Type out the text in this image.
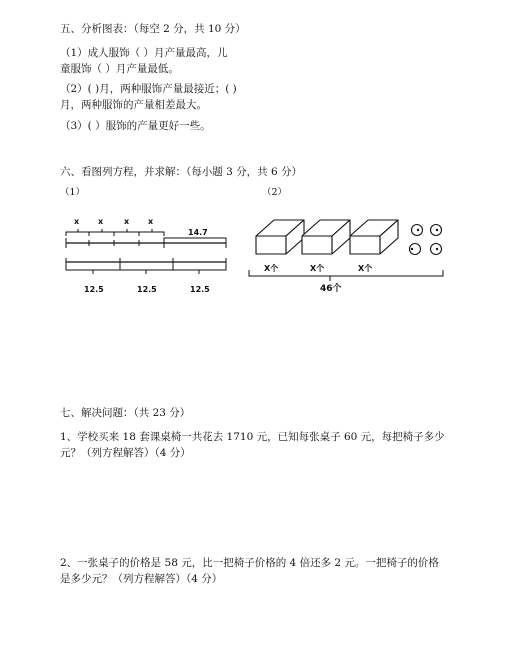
五、分析图表：（每空 2 分，共 10 分）
（1）成人服饰（ ）月产量最高，儿
童服饰（ ）月产量最低。
（2）( )月，两种服饰产量最接近；( )
月，两种服饰的产量相差最大。
（3）( ）服饰的产量更好一些。
六、看图列方程，并求解：（每小题 3 分，共 6 分）
（1）	（2）
x x	x x
14.7
12.5	12.5	12.5
X个	X个	X个
46个
七、解决问题：（共 23 分）
1、学校买来 18 套课桌椅一共花去 1710 元，已知每张桌子 60 元，每把椅子多少
元？（列方程解答）（4 分）
2、一张桌子的价格是 58 元，比一把椅子价格的 4 倍还多 2 元。一把椅子的价格
是多少元？（列方程解答）（4 分）
